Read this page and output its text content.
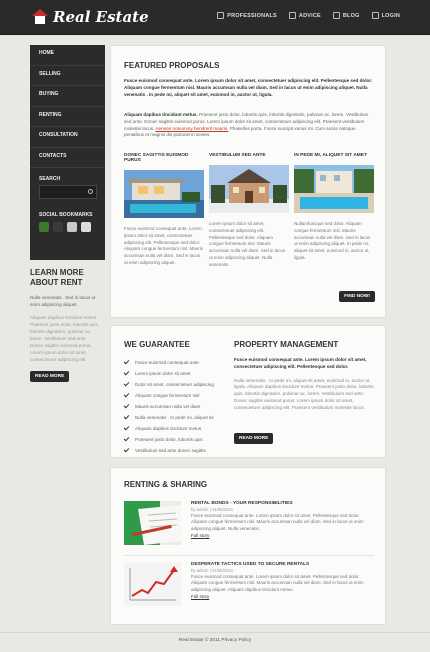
Real Estate	PROFESSIONALS	ADVICE	BLOG	LOGIN
HOME
SELLING
BUYING
RENTING
CONSULTATION
CONTACTS
SEARCH
SOCIAL BOOKMARKS
LEARN MORE ABOUT RENT

Nulla venenatis . Sed in lacus ut enim adipiscing aliquet.

Aliquam dapibus tincidunt metus. Praesent justo dolor, lobortis quis, lobortis dignissim, pulvinar ac, lorem. Vestibulum sed ante. Donec sagittis euismod purus. Lorem ipsum dolor sit amet, consectetuer adipiscing elit.

READ MORE
FEATURED PROPOSALS

Fusce euismod consequat ante. Lorem ipsum dolor sit amet, consectetuer adipiscing elit. Pellentesque sed dolor. Aliquam congue fermentum nisl. Mauris accumsan nulla vel diam. Sed in lacus ut enim adipiscing aliquet. Nulla venenatis . In pede mi, aliquet sit amet, euismod in, auctor ut, ligula.

Aliquam dapibus tincidunt metus. Praesent justo dolor, lobortis quis, lobortis dignissim, pulvinar ac, lorem. Vestibulum sed ante. Donec sagittis euismod purus. Lorem ipsum dolor sit amet, consectetuer adipiscing elit. Praesent vestibulum molestie lacus. Aenean nonummy hendrerit mauris. Phasellus porta. Fusce suscipit varius mi. Cum sociis natoque penatibus et magnis dis parturient montes.

DONEC SAGITTIS EUISMOD PURUS
Fusce euismod consequat ante. Lorem ipsum dolor sit amet, consectetuer adipiscing elit. Pellentesque sed dolor. Aliquam congue fermentum nisl. Mauris accumsan nulla vel diam. Sed in lacus ut enim adipiscing aliquet.
VESTIBULUM SED ANTE
Lorem ipsum dolor sit amet, consectetuer adipiscing elit. Pellentesque sed dolor. Aliquam congue fermentum nisl. Mauris accumsan nulla vel diam. Sed in lacus ut enim adipiscing aliquet. Nulla venenatis.
IN PEDE MI, ALIQUET SIT AMET
Nullamfuscque sed dolor. Aliquam congue fermentum nisl. Mauris accumsan nulla vel diam. Sed in lacus ut enim adipiscing aliquet. In pede mi, aliquet sit amet, euismod in, auctor ut, ligula.
FIND NOW!
WE GUARANTEE
Fusce euismod consequat ante
Lorem ipsum dolor sit amet
Dolor sit amet, consectetuer adipiscing
Aliquam congue fermentum nisl
Mauris accumsan nulla vel diam
Nulla venenatis . In pede mi, aliquet sit
Aliquam dapibus tincidunt metus
Praesent justo dolor, lobortis quis
Vestibulum sed ante donec sagittis
PROPERTY MANAGEMENT

Fusce euismod consequat ante. Lorem ipsum dolor sit amet, consectetuer adipiscing elit. Pellentesque sed dolor.

Nulla venenatis . In pede mi, aliquet sit amet, euismod in, auctor ut, ligula. Aliquam dapibus tincidunt metus. Praesent justo dolor, lobortis quis, lobortis dignissim, pulvinar ac, lorem. Vestibulum sed ante. Donec sagittis euismod purus. Lorem ipsum dolor sit amet, consectetuer adipiscing elit. Praesent vestibulum molestie lacus.

READ MORE
RENTING & SHARING
RENTAL BONDS - YOUR RESPONSIBILITIES
by admin | 01/05/2011
Fusce euismod consequat ante. Lorem ipsum dolor sit amet. Pellentesque sed dolor. Aliquam congue fermentum nisl. Mauris accumsan nulla vel diam. Sed in lacus ut enim adipiscing aliquet. Nulla venenatis.
Full story
DESPERATE TACTICS USED TO SECURE RENTALS
by admin | 01/05/2011
Fusce euismod consequat ante. Lorem ipsum dolor sit amet. Pellentesque sed dolor. Aliquam congue fermentum nisl. Mauris accumsan nulla vel diam. Sed in lacus ut enim adipiscing aliquet. Aliquam dapibus tincidunt metus.
Full story
Real Estate © 2011 Privacy Policy
